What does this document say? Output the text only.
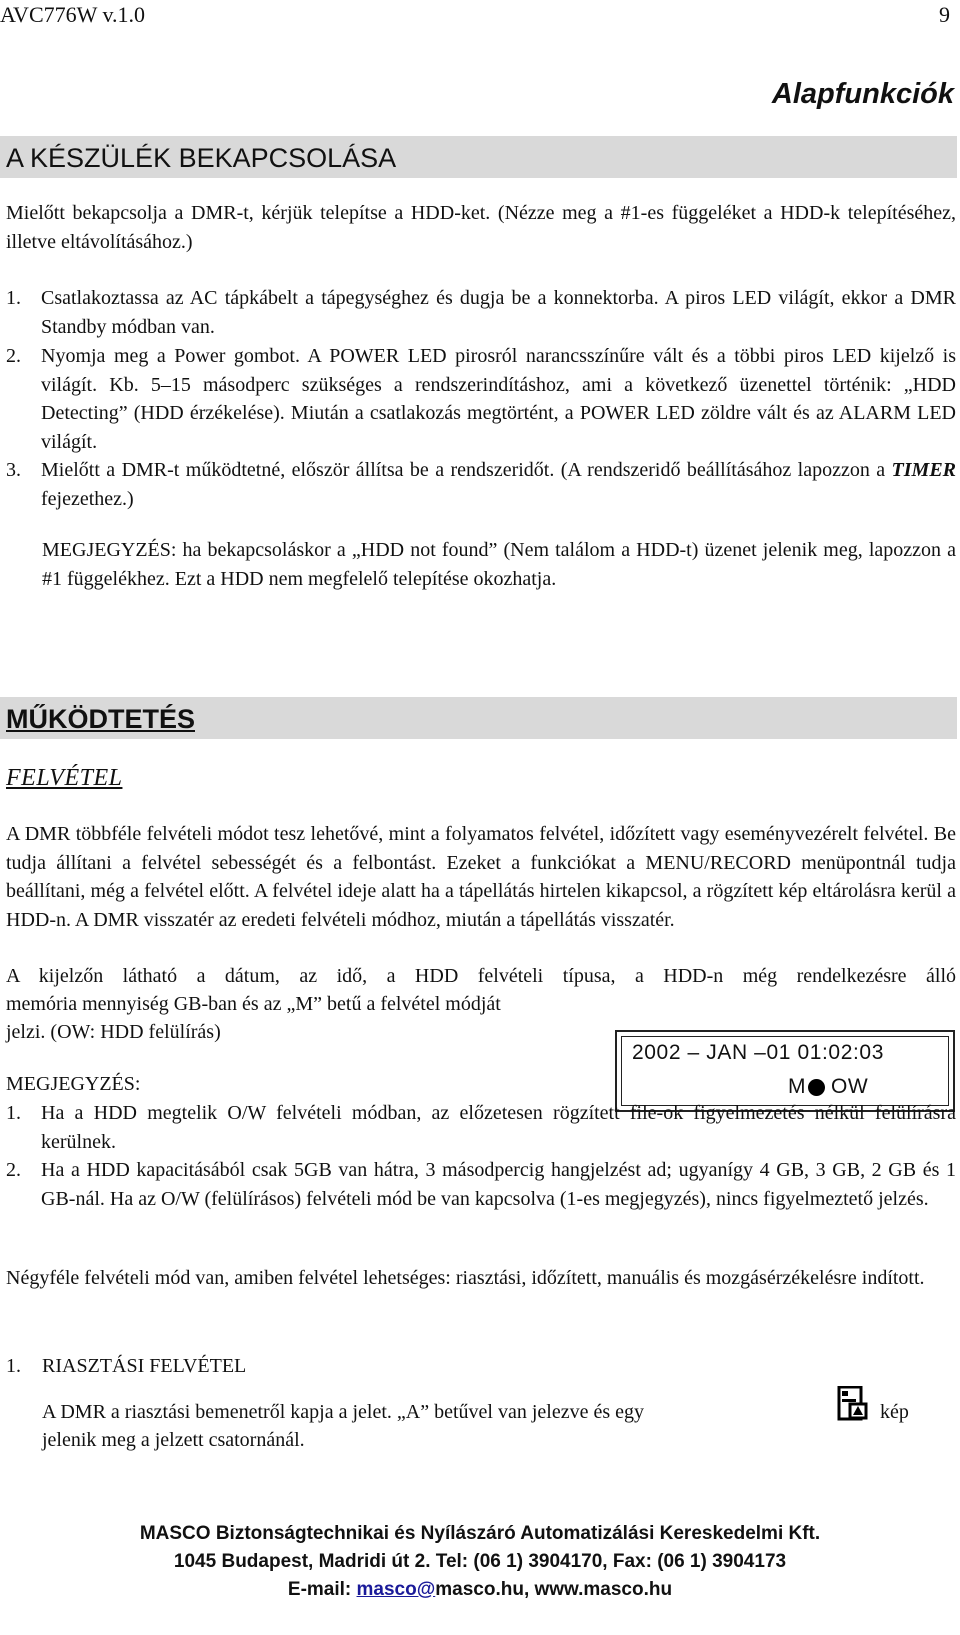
AVC776W v.1.0	9
Alapfunkciók
A KÉSZÜLÉK BEKAPCSOLÁSA
Mielőtt bekapcsolja a DMR-t, kérjük telepítse a HDD-ket. (Nézze meg a #1-es függeléket a HDD-k telepítéséhez, illetve eltávolításához.)
1. Csatlakoztassa az AC tápkábelt a tápegységhez és dugja be a konnektorba. A piros LED világít, ekkor a DMR Standby módban van.
2. Nyomja meg a Power gombot. A POWER LED pirosról narancsszínűre vált és a többi piros LED kijelző is világít. Kb. 5–15 másodperc szükséges a rendszerindításhoz, ami a következő üzenettel történik: „HDD Detecting” (HDD érzékelése). Miután a csatlakozás megtörtént, a POWER LED zöldre vált és az ALARM LED világít.
3. Mielőtt a DMR-t működtetné, először állítsa be a rendszeridőt. (A rendszeridő beállításához lapozzon a TIMER fejezethez.)
MEGJEGYZÉS: ha bekapcsoláskor a „HDD not found” (Nem találom a HDD-t) üzenet jelenik meg, lapozzon a #1 függelékhez. Ezt a HDD nem megfelelő telepítése okozhatja.
MŰKÖDTETÉS
FELVÉTEL
A DMR többféle felvételi módot tesz lehetővé, mint a folyamatos felvétel, időzített vagy eseményvezérelt felvétel. Be tudja állítani a felvétel sebességét és a felbontást. Ezeket a funkciókat a MENU/RECORD menüpontnál tudja beállítani, még a felvétel előtt. A felvétel ideje alatt ha a tápellátás hirtelen kikapcsol, a rögzített kép eltárolásra kerül a HDD-n. A DMR visszatér az eredeti felvételi módhoz, miután a tápellátás visszatér.
A kijelzőn látható a dátum, az idő, a HDD felvételi típusa, a HDD-n még rendelkezésre álló
memória mennyiség GB-ban és az „M” betű a felvétel módját
jelzi. (OW: HDD felülírás)
2002 – JAN –01 01:02:03
M OW
MEGJEGYZÉS:
1. Ha a HDD megtelik O/W felvételi módban, az előzetesen rögzített file-ok figyelmezetés nélkül felülírásra kerülnek.
2. Ha a HDD kapacitásából csak 5GB van hátra, 3 másodpercig hangjelzést ad; ugyanígy 4 GB, 3 GB, 2 GB és 1 GB-nál. Ha az O/W (felülírásos) felvételi mód be van kapcsolva (1-es megjegyzés), nincs figyelmeztető jelzés.
Négyféle felvételi mód van, amiben felvétel lehetséges: riasztási, időzített, manuális és mozgásérzékelésre indított.
1. RIASZTÁSI FELVÉTEL
A DMR a riasztási bemenetről kapja a jelet. „A” betűvel van jelezve és egy	kép
jelenik meg a jelzett csatornánál.
MASCO Biztonságtechnikai és Nyílászáró Automatizálási Kereskedelmi Kft.
1045 Budapest, Madridi út 2. Tel: (06 1) 3904170, Fax: (06 1) 3904173
E-mail: masco@masco.hu, www.masco.hu
